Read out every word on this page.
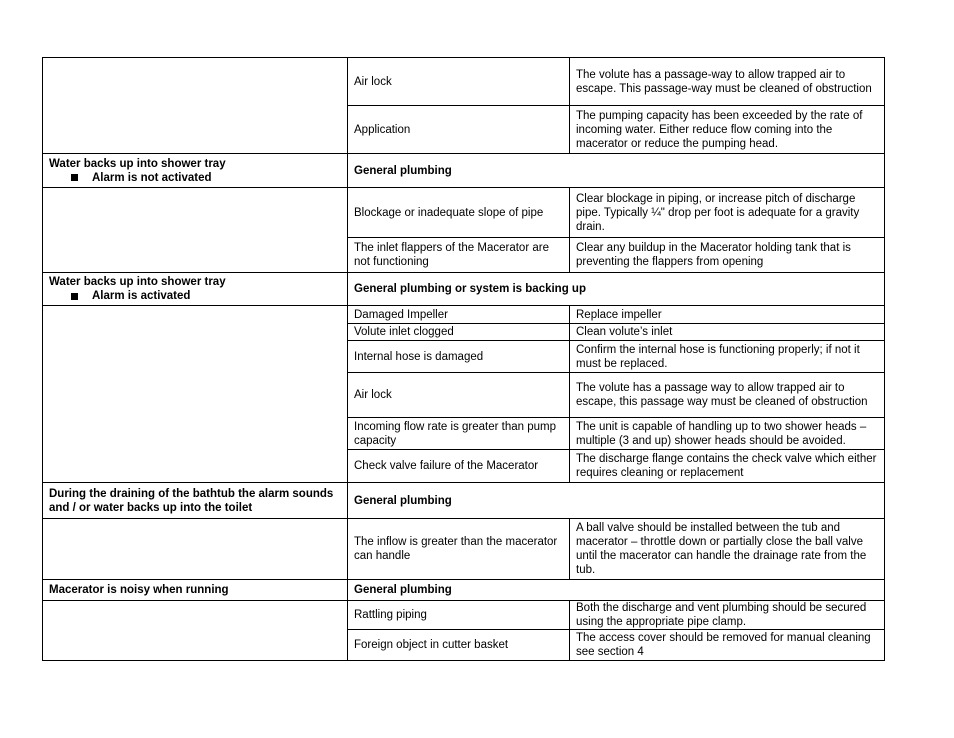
	Air lock	The volute has a passage-way to allow trapped air to escape. This passage-way must be cleaned of obstruction
	Application	The pumping capacity has been exceeded by the rate of incoming water. Either reduce flow coming into the macerator or reduce the pumping head.

Water backs up into shower tray
Alarm is not activated	General plumbing	
	Blockage or inadequate slope of pipe	Clear blockage in piping, or increase pitch of discharge pipe. Typically ¼" drop per foot is adequate for a gravity drain.
	The inlet flappers of the Macerator are not functioning	Clear any buildup in the Macerator holding tank that is preventing the flappers from opening

Water backs up into shower tray
Alarm is activated	General plumbing or system is backing up	
	Damaged Impeller	Replace impeller
	Volute inlet clogged	Clean volute’s inlet
	Internal hose is damaged	Confirm the internal hose is functioning properly; if not it must be replaced.
	Air lock	The volute has a passage way to allow trapped air to escape, this passage way must be cleaned of obstruction
	Incoming flow rate is greater than pump capacity	The unit is capable of handling up to two shower heads – multiple (3 and up) shower heads should be avoided.
	Check valve failure of the Macerator	The discharge flange contains the check valve which either requires cleaning or replacement
During the draining of the bathtub the alarm sounds and / or water backs up into the toilet	General plumbing	
	The inflow is greater than the macerator can handle	A ball valve should be installed between the tub and macerator – throttle down or partially close the ball valve until the macerator can handle the drainage rate from the tub.
Macerator is noisy when running	General plumbing	
	Rattling piping	Both the discharge and vent plumbing should be secured using the appropriate pipe clamp.
	Foreign object in cutter basket	The access cover should be removed for manual cleaning see section 4
